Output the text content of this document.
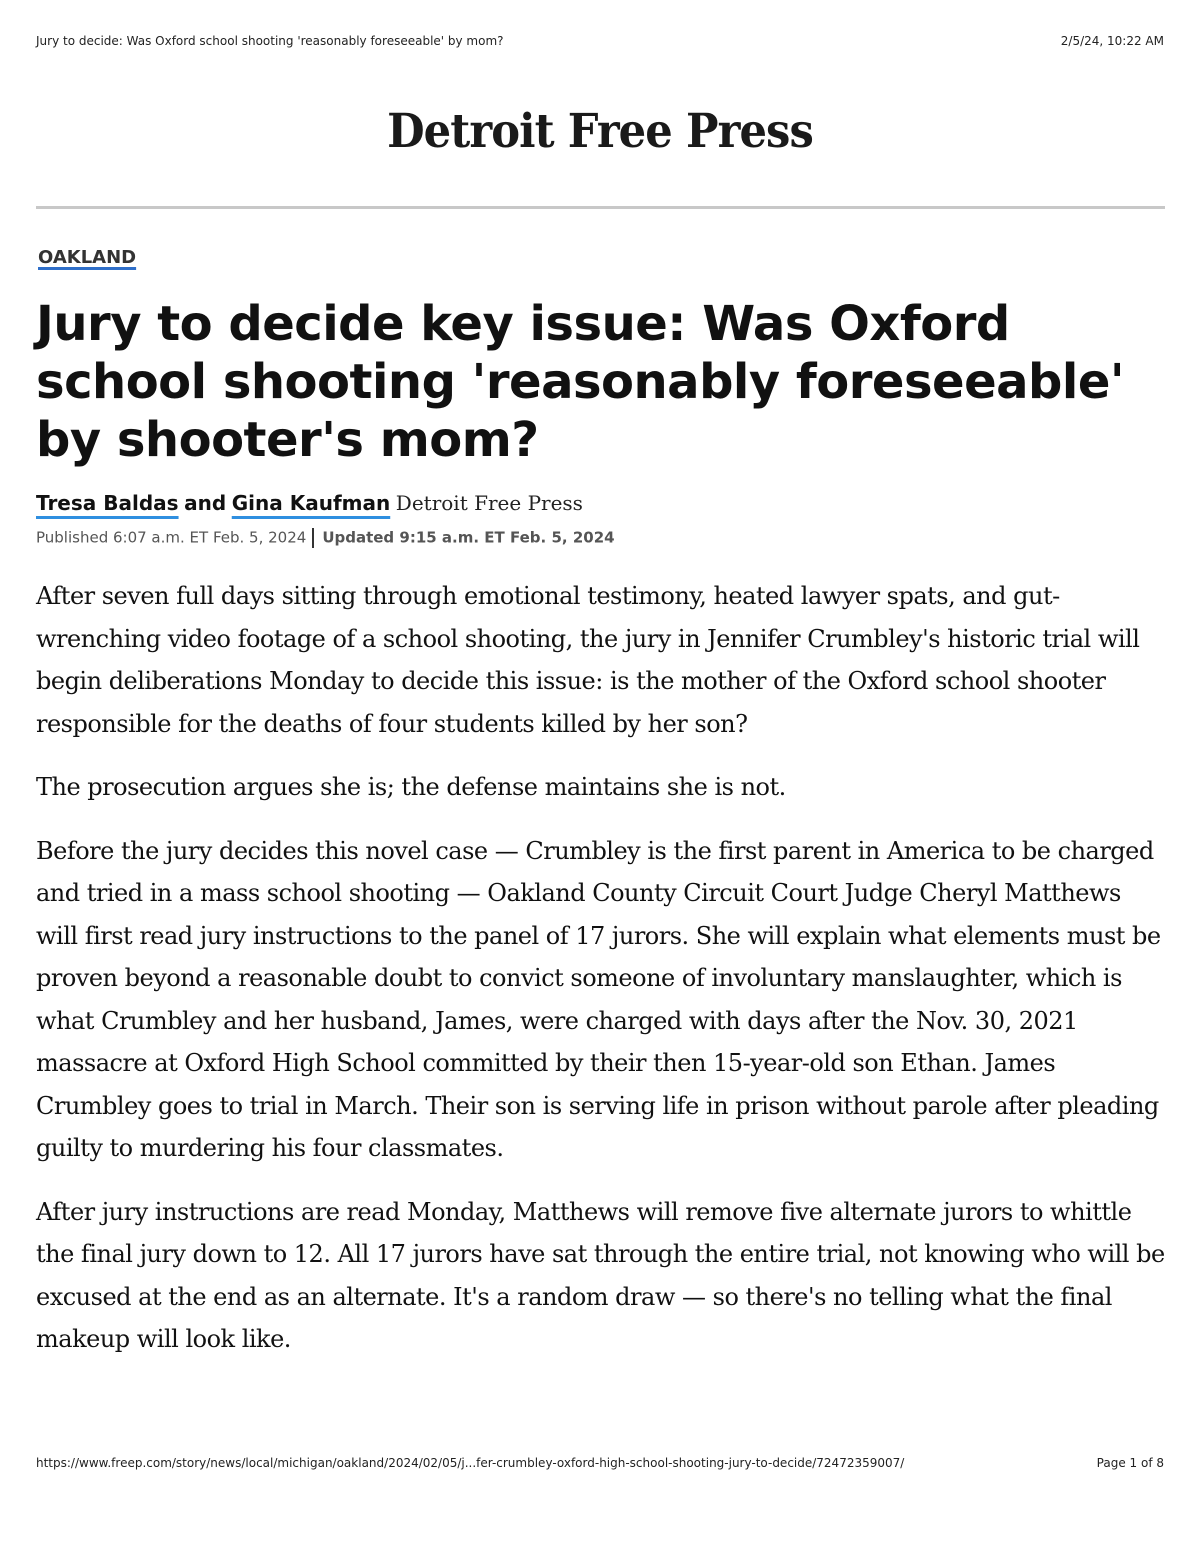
Jury to decide: Was Oxford school shooting 'reasonably foreseeable' by mom?	2/5/24, 10:22 AM
Detroit Free Press
OAKLAND
Jury to decide key issue: Was Oxford school shooting 'reasonably foreseeable' by shooter's mom?
Tresa Baldas and Gina Kaufman Detroit Free Press
Published 6:07 a.m. ET Feb. 5, 2024 Updated 9:15 a.m. ET Feb. 5, 2024

After seven full days sitting through emotional testimony, heated lawyer spats, and gut-wrenching video footage of a school shooting, the jury in Jennifer Crumbley's historic trial will begin deliberations Monday to decide this issue: is the mother of the Oxford school shooter responsible for the deaths of four students killed by her son?

The prosecution argues she is; the defense maintains she is not.

Before the jury decides this novel case — Crumbley is the first parent in America to be charged and tried in a mass school shooting — Oakland County Circuit Court Judge Cheryl Matthews will first read jury instructions to the panel of 17 jurors. She will explain what elements must be proven beyond a reasonable doubt to convict someone of involuntary manslaughter, which is what Crumbley and her husband, James, were charged with days after the Nov. 30, 2021 massacre at Oxford High School committed by their then 15-year-old son Ethan. James Crumbley goes to trial in March. Their son is serving life in prison without parole after pleading guilty to murdering his four classmates.

After jury instructions are read Monday, Matthews will remove five alternate jurors to whittle the final jury down to 12. All 17 jurors have sat through the entire trial, not knowing who will be excused at the end as an alternate. It's a random draw — so there's no telling what the final makeup will look like.

https://www.freep.com/story/news/local/michigan/oakland/2024/02/05/j...fer-crumbley-oxford-high-school-shooting-jury-to-decide/72472359007/	Page 1 of 8
